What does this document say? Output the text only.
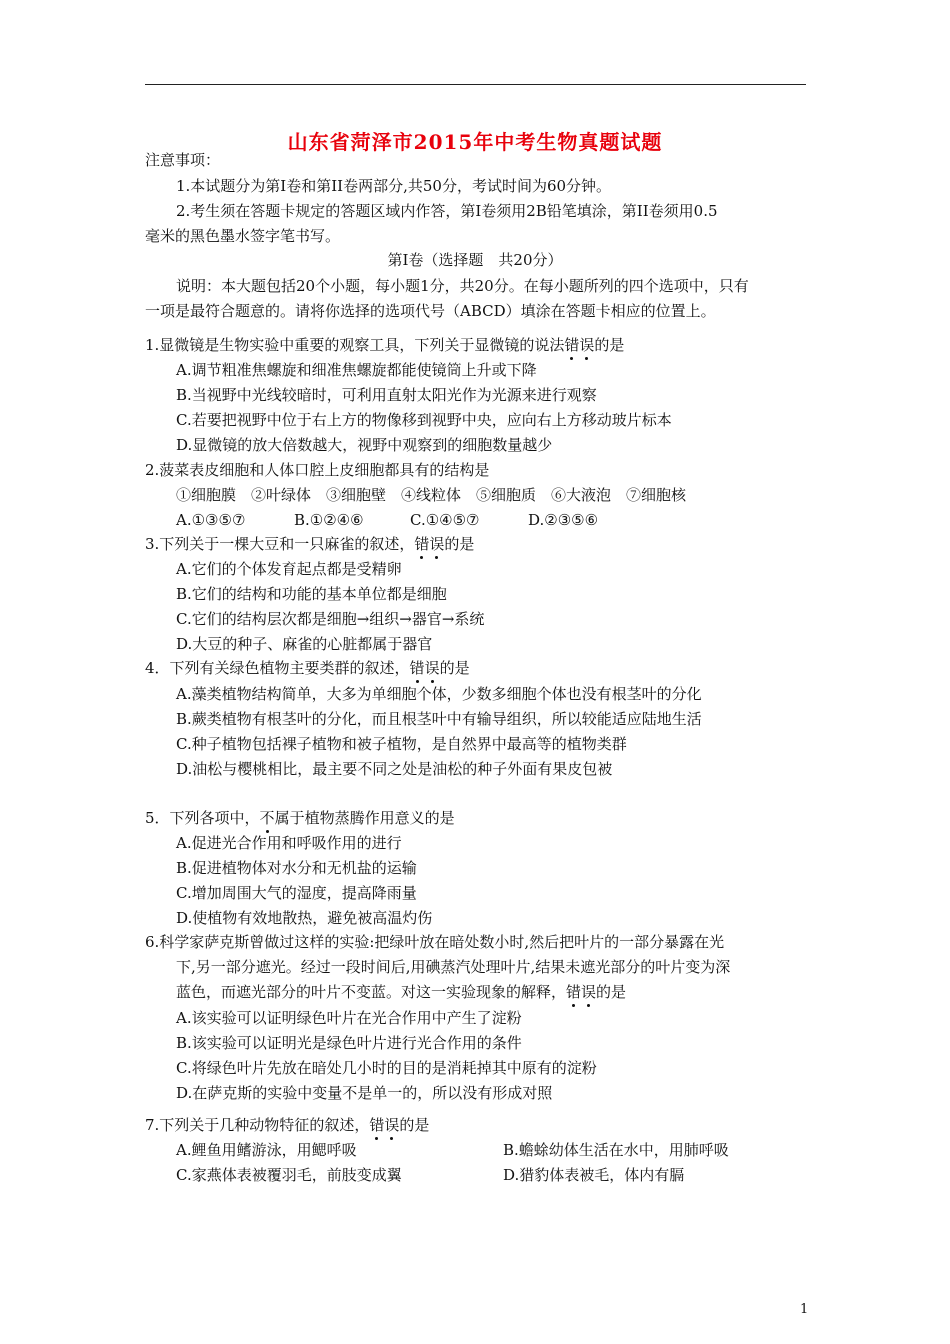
山东省菏泽市2015年中考生物真题试题
注意事项：
1.本试题分为第Ⅰ卷和第II卷两部分,共50分，考试时间为60分钟。
2.考生须在答题卡规定的答题区域内作答，第Ⅰ卷须用2B铅笔填涂，第II卷须用0.5
毫米的黑色墨水签字笔书写。
第Ⅰ卷（选择题　共20分）
说明：本大题包括20个小题，每小题1分，共20分。在每小题所列的四个选项中，只有
一项是最符合题意的。请将你选择的选项代号（ABCD）填涂在答题卡相应的位置上。
1.显微镜是生物实验中重要的观察工具，下列关于显微镜的说法错误的是
A.调节粗准焦螺旋和细准焦螺旋都能使镜筒上升或下降
B.当视野中光线较暗时，可利用直射太阳光作为光源来进行观察
C.若要把视野中位于右上方的物像移到视野中央，应向右上方移动玻片标本
D.显微镜的放大倍数越大，视野中观察到的细胞数量越少
2.菠菜表皮细胞和人体口腔上皮细胞都具有的结构是
①细胞膜　②叶绿体　③细胞壁　④线粒体　⑤细胞质　⑥大液泡　⑦细胞核
A.①③⑤⑦	B.①②④⑥	C.①④⑤⑦	D.②③⑤⑥
3.下列关于一棵大豆和一只麻雀的叙述，错误的是
A.它们的个体发育起点都是受精卵
B.它们的结构和功能的基本单位都是细胞
C.它们的结构层次都是细胞→组织→器官→系统
D.大豆的种子、麻雀的心脏都属于器官
4．下列有关绿色植物主要类群的叙述，错误的是
A.藻类植物结构简单，大多为单细胞个体，少数多细胞个体也没有根茎叶的分化
B.蕨类植物有根茎叶的分化，而且根茎叶中有输导组织，所以较能适应陆地生活
C.种子植物包括裸子植物和被子植物，是自然界中最高等的植物类群
D.油松与樱桃相比，最主要不同之处是油松的种子外面有果皮包被
5．下列各项中，不属于植物蒸腾作用意义的是
A.促进光合作用和呼吸作用的进行
B.促进植物体对水分和无机盐的运输
C.增加周围大气的湿度，提高降雨量
D.使植物有效地散热，避免被高温灼伤
6.科学家萨克斯曾做过这样的实验:把绿叶放在暗处数小时,然后把叶片的一部分暴露在光
下,另一部分遮光。经过一段时间后,用碘蒸汽处理叶片,结果未遮光部分的叶片变为深
蓝色，而遮光部分的叶片不变蓝。对这一实验现象的解释，错误的是
A.该实验可以证明绿色叶片在光合作用中产生了淀粉
B.该实验可以证明光是绿色叶片进行光合作用的条件
C.将绿色叶片先放在暗处几小时的目的是消耗掉其中原有的淀粉
D.在萨克斯的实验中变量不是单一的，所以没有形成对照
7.下列关于几种动物特征的叙述，错误的是
A.鲤鱼用鳍游泳，用鳃呼吸	B.蟾蜍幼体生活在水中，用肺呼吸
C.家燕体表被覆羽毛，前肢变成翼	D.猎豹体表被毛，体内有膈
1
